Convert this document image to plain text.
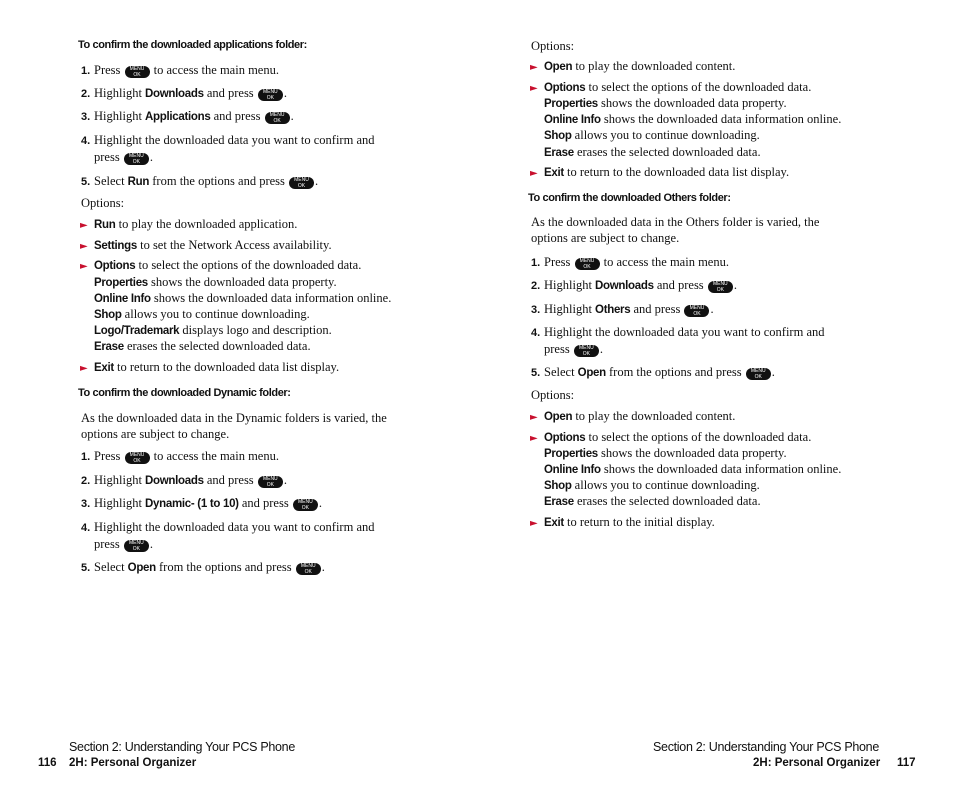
To confirm the downloaded applications folder:
1. Press	MENU
OK to access the main menu.
2. Highlight Downloads and press	MENU
OK .
3. Highlight Applications and press	MENU
OK .
4. Highlight the downloaded data you want to confirm and
press	MENU
OK .
5. Select Run from the options and press	MENU
OK .
Options:
► Run to play the downloaded application.
► Settings to set the Network Access availability.
► Options to select the options of the downloaded data.
Properties shows the downloaded data property.
Online Info shows the downloaded data information online.
Shop allows you to continue downloading.
Logo/Trademark displays logo and description.
Erase erases the selected downloaded data.
► Exit to return to the downloaded data list display.
To confirm the downloaded Dynamic folder:
As the downloaded data in the Dynamic folders is varied, the
options are subject to change.
1. Press	MENU
OK to access the main menu.
2. Highlight Downloads and press	MENU
OK .
3. Highlight Dynamic- (1 to 10) and press	MENU
OK .
4. Highlight the downloaded data you want to confirm and
press	MENU
OK .
5. Select Open from the options and press	MENU
OK .
Section 2: Understanding Your PCS Phone
116 2H: Personal Organizer
Options:
► Open to play the downloaded content.
► Options to select the options of the downloaded data.
Properties shows the downloaded data property.
Online Info shows the downloaded data information online.
Shop allows you to continue downloading.
Erase erases the selected downloaded data.
► Exit to return to the downloaded data list display.
To confirm the downloaded Others folder:
As the downloaded data in the Others folder is varied, the
options are subject to change.
1. Press	MENU
OK to access the main menu.
2. Highlight Downloads and press	MENU
OK .
3. Highlight Others and press	MENU
OK .
4. Highlight the downloaded data you want to confirm and
press	MENU
OK .
5. Select Open from the options and press	MENU
OK .
Options:
► Open to play the downloaded content.
► Options to select the options of the downloaded data.
Properties shows the downloaded data property.
Online Info shows the downloaded data information online.
Shop allows you to continue downloading.
Erase erases the selected downloaded data.
► Exit to return to the initial display.
Section 2: Understanding Your PCS Phone
2H: Personal Organizer 117
